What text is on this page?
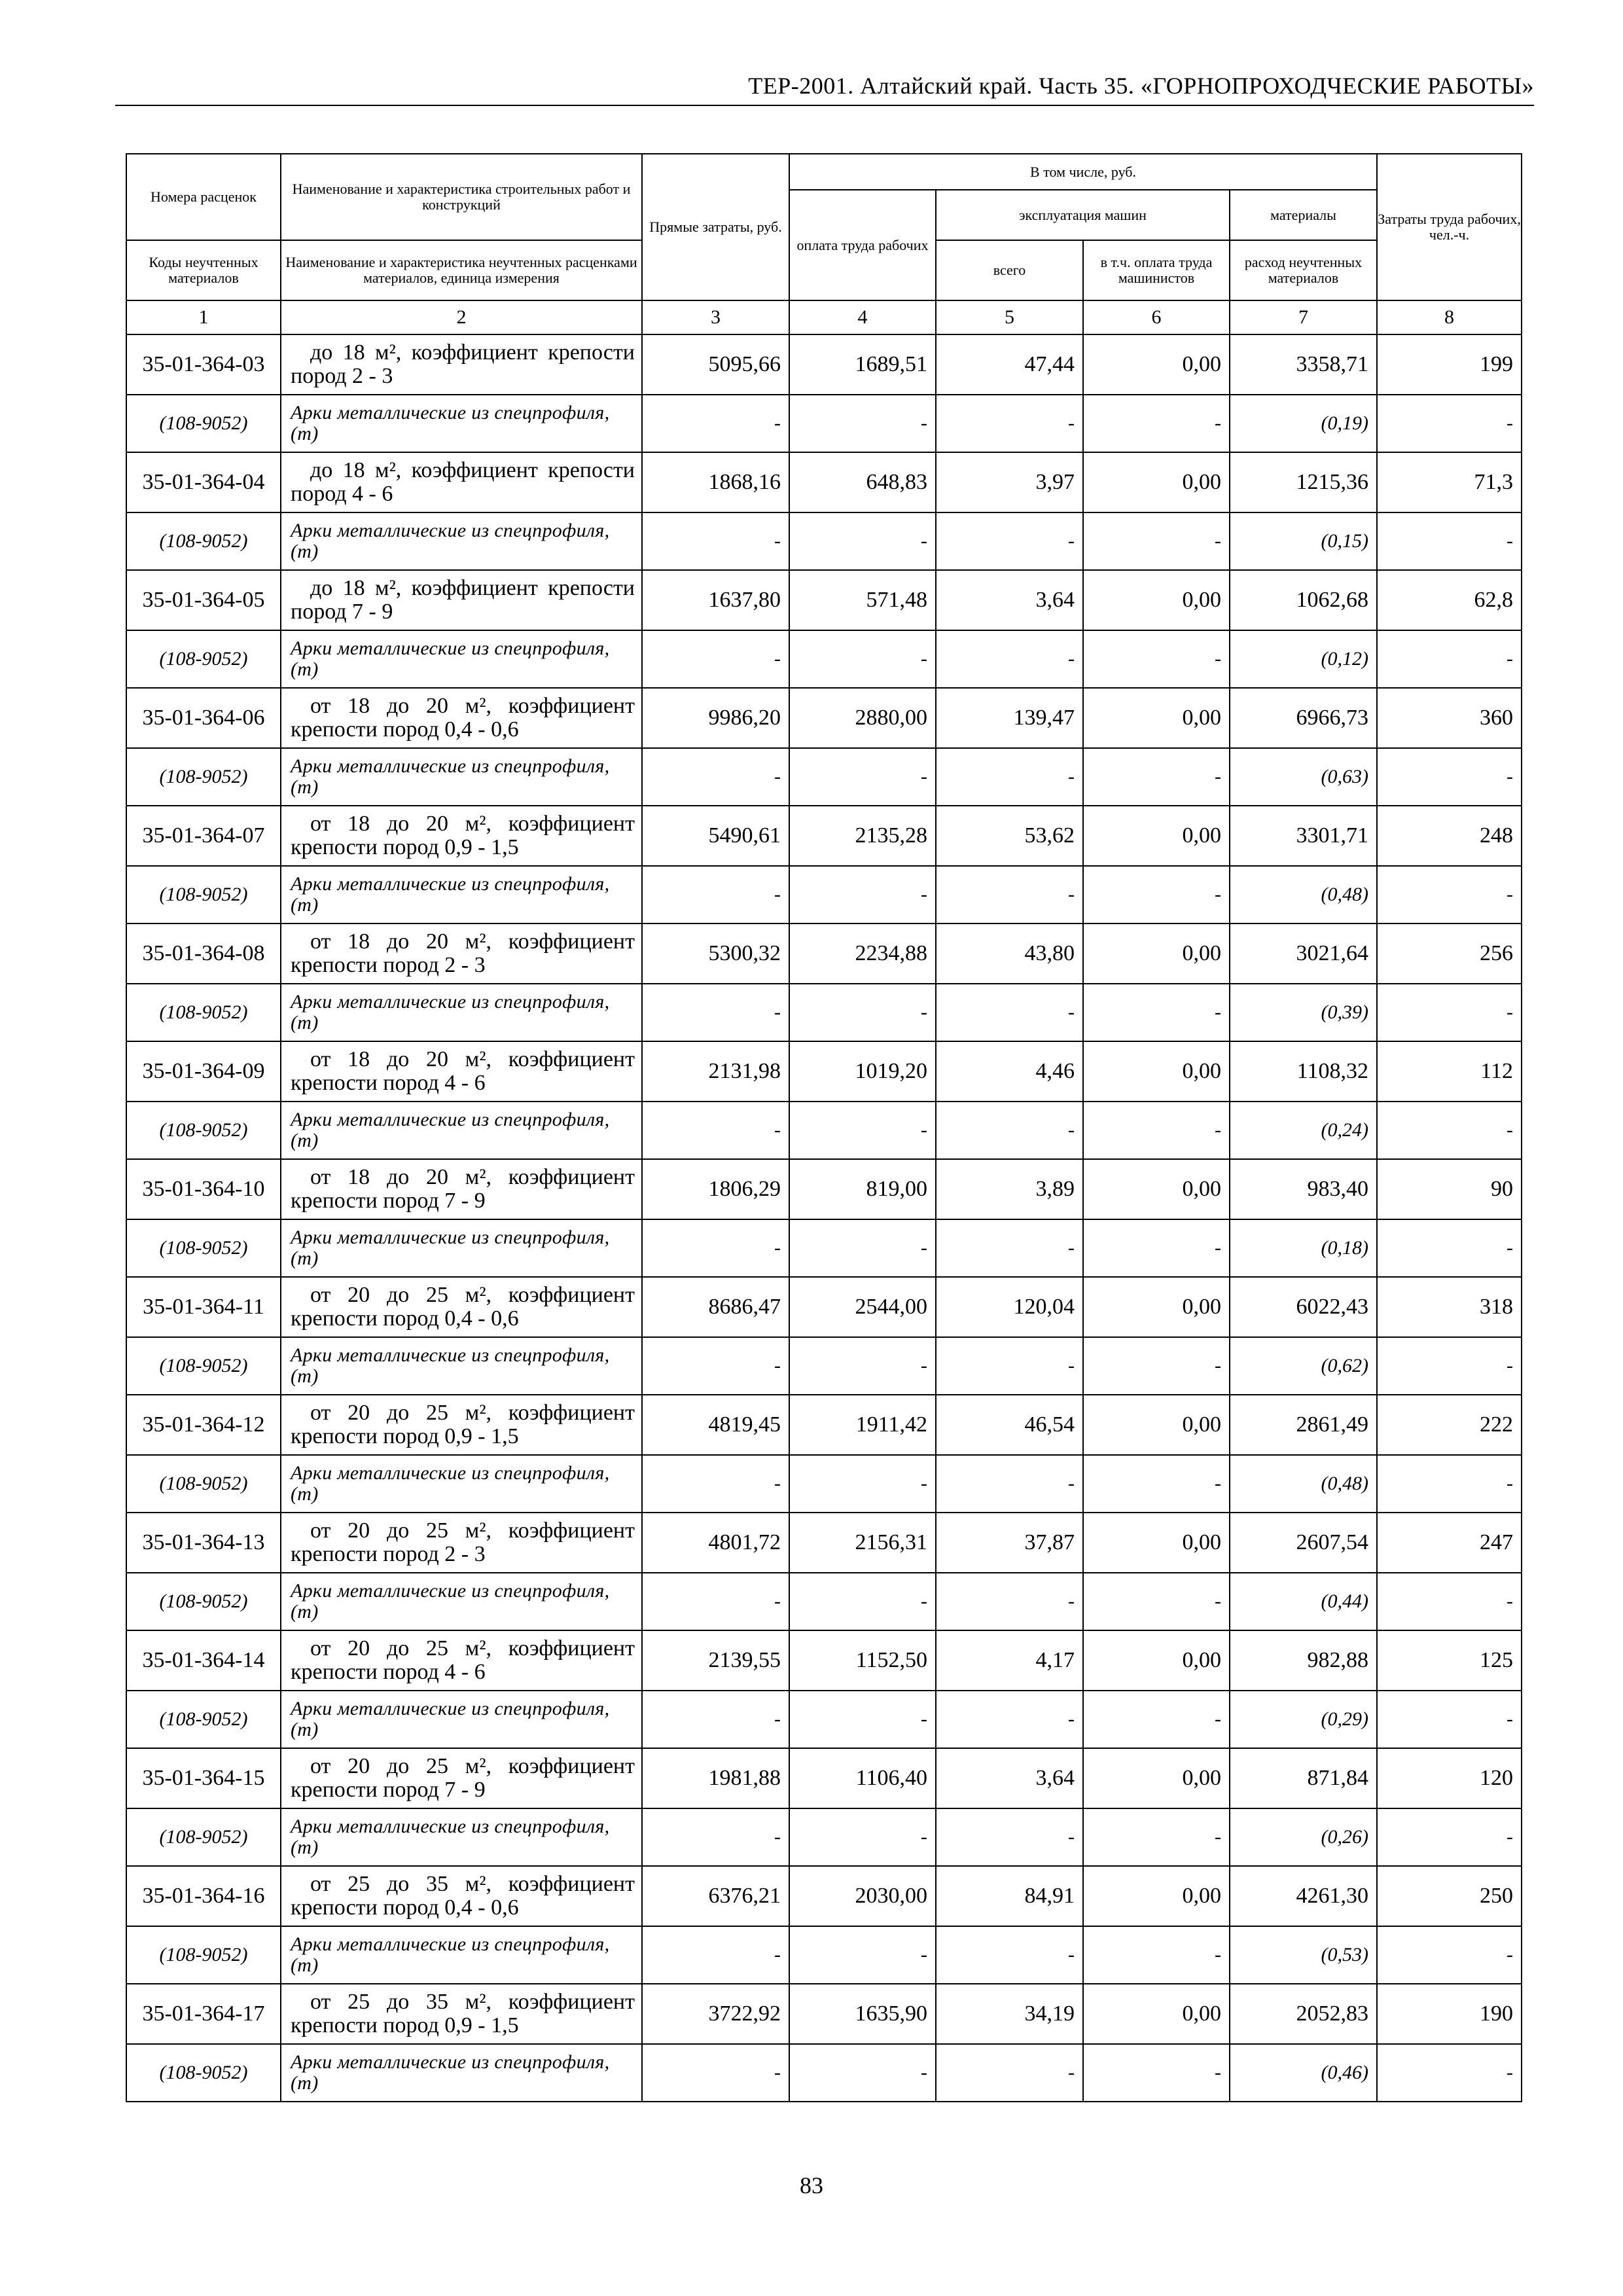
ТЕР-2001. Алтайский край. Часть 35. «ГОРНОПРОХОДЧЕСКИЕ РАБОТЫ»
Номера расценок	Наименование и характеристика строительных работ и конструкций	Прямые затраты, руб.	В том числе, руб.				Затраты труда рабочих, чел.-ч.
			оплата труда рабочих	эксплуатация машин		материалы	
Коды неучтенных материалов	Наименование и характеристика неучтенных расценками материалов, единица измерения			всего	в т.ч. оплата труда машинистов	расход неучтенных материалов	
1	2	3	4	5	6	7	8
35-01-364-03	до 18 м², коэффициент крепости пород 2 - 3	5095,66	1689,51	47,44	0,00	3358,71	199
(108-9052)	Арки металлические из спецпрофиля, (т)	-	-	-	-	(0,19)	-
35-01-364-04	до 18 м², коэффициент крепости пород 4 - 6	1868,16	648,83	3,97	0,00	1215,36	71,3
(108-9052)	Арки металлические из спецпрофиля, (т)	-	-	-	-	(0,15)	-
35-01-364-05	до 18 м², коэффициент крепости пород 7 - 9	1637,80	571,48	3,64	0,00	1062,68	62,8
(108-9052)	Арки металлические из спецпрофиля, (т)	-	-	-	-	(0,12)	-
35-01-364-06	от 18 до 20 м², коэффициент крепости пород 0,4 - 0,6	9986,20	2880,00	139,47	0,00	6966,73	360
(108-9052)	Арки металлические из спецпрофиля, (т)	-	-	-	-	(0,63)	-
35-01-364-07	от 18 до 20 м², коэффициент крепости пород 0,9 - 1,5	5490,61	2135,28	53,62	0,00	3301,71	248
(108-9052)	Арки металлические из спецпрофиля, (т)	-	-	-	-	(0,48)	-
35-01-364-08	от 18 до 20 м², коэффициент крепости пород 2 - 3	5300,32	2234,88	43,80	0,00	3021,64	256
(108-9052)	Арки металлические из спецпрофиля, (т)	-	-	-	-	(0,39)	-
35-01-364-09	от 18 до 20 м², коэффициент крепости пород 4 - 6	2131,98	1019,20	4,46	0,00	1108,32	112
(108-9052)	Арки металлические из спецпрофиля, (т)	-	-	-	-	(0,24)	-
35-01-364-10	от 18 до 20 м², коэффициент крепости пород 7 - 9	1806,29	819,00	3,89	0,00	983,40	90
(108-9052)	Арки металлические из спецпрофиля, (т)	-	-	-	-	(0,18)	-
35-01-364-11	от 20 до 25 м², коэффициент крепости пород 0,4 - 0,6	8686,47	2544,00	120,04	0,00	6022,43	318
(108-9052)	Арки металлические из спецпрофиля, (т)	-	-	-	-	(0,62)	-
35-01-364-12	от 20 до 25 м², коэффициент крепости пород 0,9 - 1,5	4819,45	1911,42	46,54	0,00	2861,49	222
(108-9052)	Арки металлические из спецпрофиля, (т)	-	-	-	-	(0,48)	-
35-01-364-13	от 20 до 25 м², коэффициент крепости пород 2 - 3	4801,72	2156,31	37,87	0,00	2607,54	247
(108-9052)	Арки металлические из спецпрофиля, (т)	-	-	-	-	(0,44)	-
35-01-364-14	от 20 до 25 м², коэффициент крепости пород 4 - 6	2139,55	1152,50	4,17	0,00	982,88	125
(108-9052)	Арки металлические из спецпрофиля, (т)	-	-	-	-	(0,29)	-
35-01-364-15	от 20 до 25 м², коэффициент крепости пород 7 - 9	1981,88	1106,40	3,64	0,00	871,84	120
(108-9052)	Арки металлические из спецпрофиля, (т)	-	-	-	-	(0,26)	-
35-01-364-16	от 25 до 35 м², коэффициент крепости пород 0,4 - 0,6	6376,21	2030,00	84,91	0,00	4261,30	250
(108-9052)	Арки металлические из спецпрофиля, (т)	-	-	-	-	(0,53)	-
35-01-364-17	от 25 до 35 м², коэффициент крепости пород 0,9 - 1,5	3722,92	1635,90	34,19	0,00	2052,83	190
(108-9052)	Арки металлические из спецпрофиля, (т)	-	-	-	-	(0,46)	-
83
